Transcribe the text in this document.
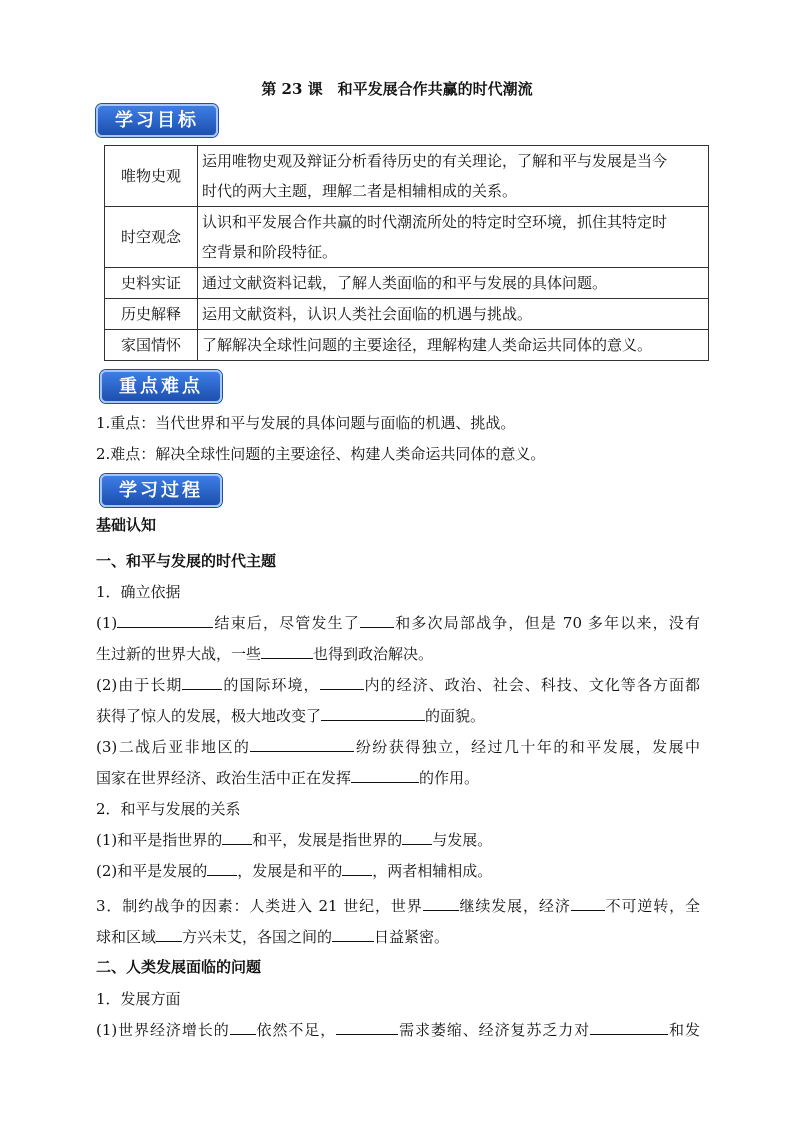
第 23 课　和平发展合作共赢的时代潮流
学习目标
唯物史观	运用唯物史观及辩证分析看待历史的有关理论，了解和平与发展是当今
时代的两大主题，理解二者是相辅相成的关系。
时空观念	认识和平发展合作共赢的时代潮流所处的特定时空环境，抓住其特定时
空背景和阶段特征。
史料实证	通过文献资料记载，了解人类面临的和平与发展的具体问题。
历史解释	运用文献资料，认识人类社会面临的机遇与挑战。
家国情怀	了解解决全球性问题的主要途径，理解构建人类命运共同体的意义。
重点难点
1.重点：当代世界和平与发展的具体问题与面临的机遇、挑战。
2.难点：解决全球性问题的主要途径、构建人类命运共同体的意义。
学习过程
基础认知
一、和平与发展的时代主题
1．确立依据
(1)	结束后，尽管发生了 和多次局部战争，但是 70 多年以来，没有
生过新的世界大战，一些	也得到政治解决。
(2)由于长期	的国际环境，	内的经济、政治、社会、科技、文化等各方面都
获得了惊人的发展，极大地改变了	的面貌。
(3)二战后亚非地区的	纷纷获得独立，经过几十年的和平发展，发展中
国家在世界经济、政治生活中正在发挥	的作用。
2．和平与发展的关系
(1)和平是指世界的 和平，发展是指世界的 与发展。
(2)和平是发展的 ，发展是和平的 ，两者相辅相成。
3．制约战争的因素：人类进入 21 世纪，世界 继续发展，经济 不可逆转，全
球和区域 方兴未艾，各国之间的	日益紧密。
二、人类发展面临的问题
1．发展方面
(1)世界经济增长的 依然不足，	需求萎缩、经济复苏乏力对	和发
